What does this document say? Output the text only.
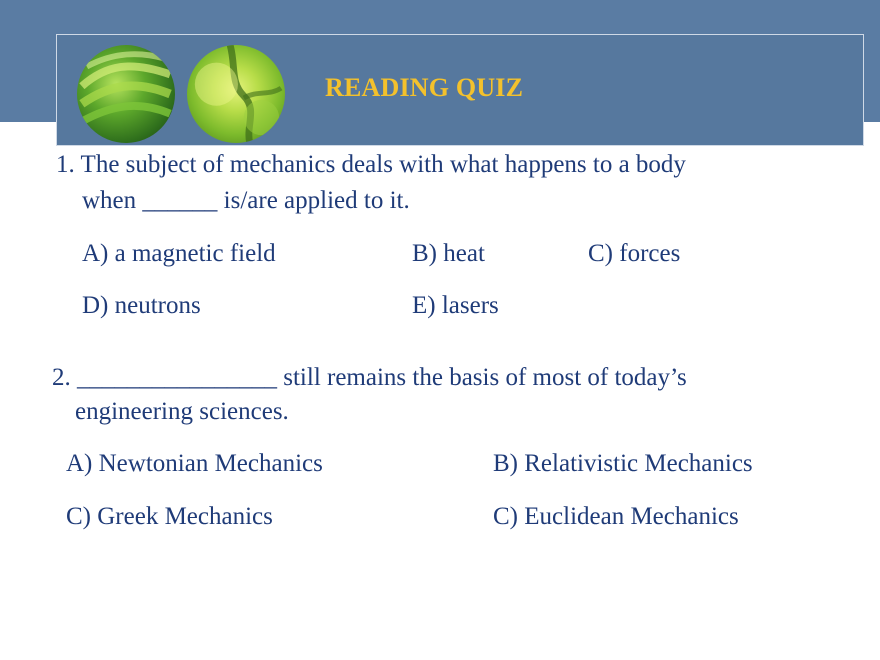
READING QUIZ
1. The subject of mechanics deals with what happens to a body
when ______ is/are applied to it.
A) a magnetic field	B) heat	C) forces
D) neutrons	E) lasers
2. ________________ still remains the basis of most of today’s
engineering sciences.
A) Newtonian Mechanics	B) Relativistic Mechanics
C) Greek Mechanics	C) Euclidean Mechanics
